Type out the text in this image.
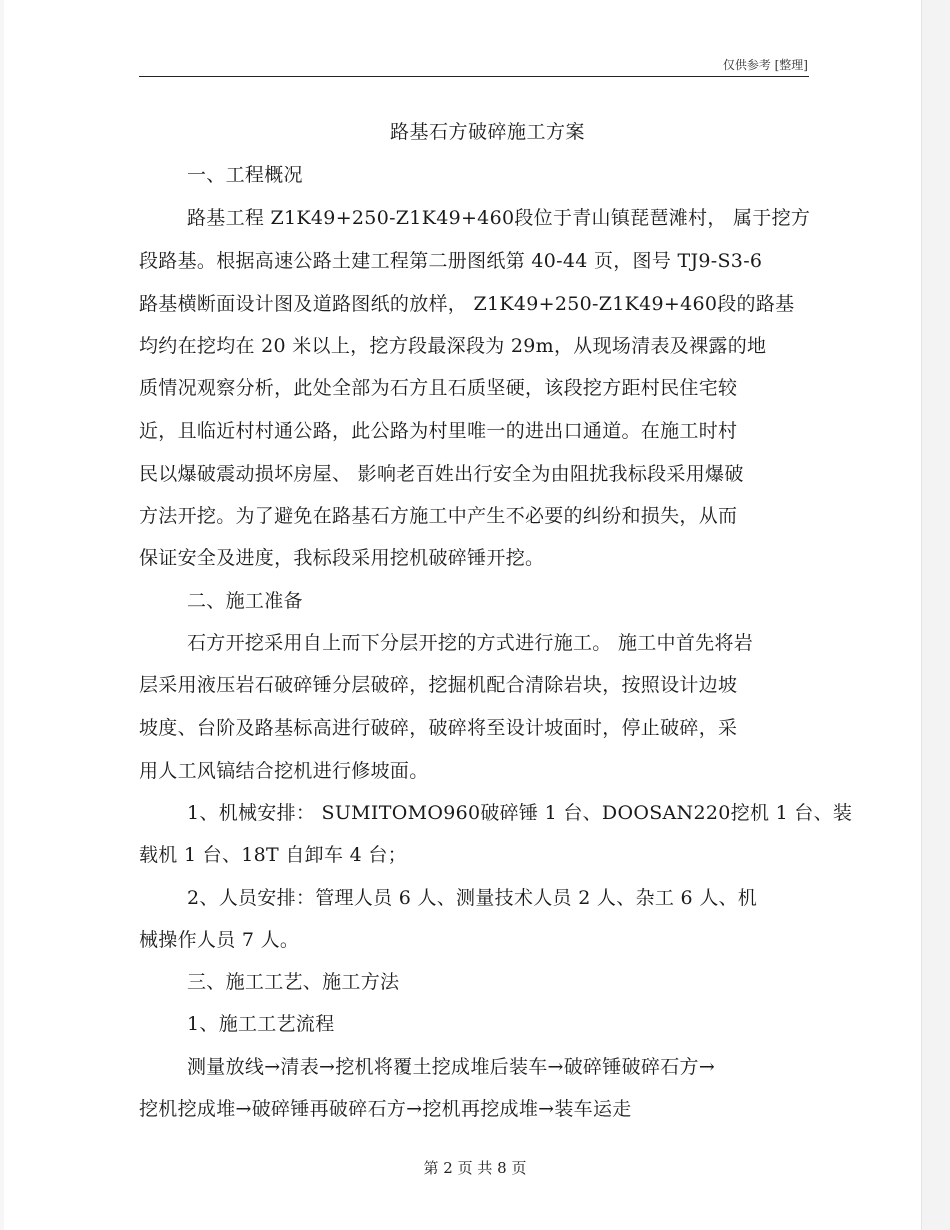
仅供参考 [整理]
路基石方破碎施工方案
一、工程概况
路基工程 Z1K49+250-Z1K49+460段位于青山镇琵琶滩村， 属于挖方
段路基。根据高速公路土建工程第二册图纸第 40-44 页，图号 TJ9-S3-6
路基横断面设计图及道路图纸的放样， Z1K49+250-Z1K49+460段的路基
均约在挖均在 20 米以上，挖方段最深段为 29m，从现场清表及裸露的地
质情况观察分析，此处全部为石方且石质坚硬，该段挖方距村民住宅较
近，且临近村村通公路，此公路为村里唯一的进出口通道。在施工时村
民以爆破震动损坏房屋、 影响老百姓出行安全为由阻扰我标段采用爆破
方法开挖。为了避免在路基石方施工中产生不必要的纠纷和损失，从而
保证安全及进度，我标段采用挖机破碎锤开挖。
二、施工准备
石方开挖采用自上而下分层开挖的方式进行施工。 施工中首先将岩
层采用液压岩石破碎锤分层破碎，挖掘机配合清除岩块，按照设计边坡
坡度、台阶及路基标高进行破碎，破碎将至设计坡面时，停止破碎，采
用人工风镐结合挖机进行修坡面。
1、机械安排： SUMITOMO960破碎锤 1 台、DOOSAN220挖机 1 台、装
载机 1 台、18T 自卸车 4 台；
2、人员安排：管理人员 6 人、测量技术人员 2 人、杂工 6 人、机
械操作人员 7 人。
三、施工工艺、施工方法
1、施工工艺流程
测量放线→清表→挖机将覆土挖成堆后装车→破碎锤破碎石方→
挖机挖成堆→破碎锤再破碎石方→挖机再挖成堆→装车运走
第 2 页 共 8 页
